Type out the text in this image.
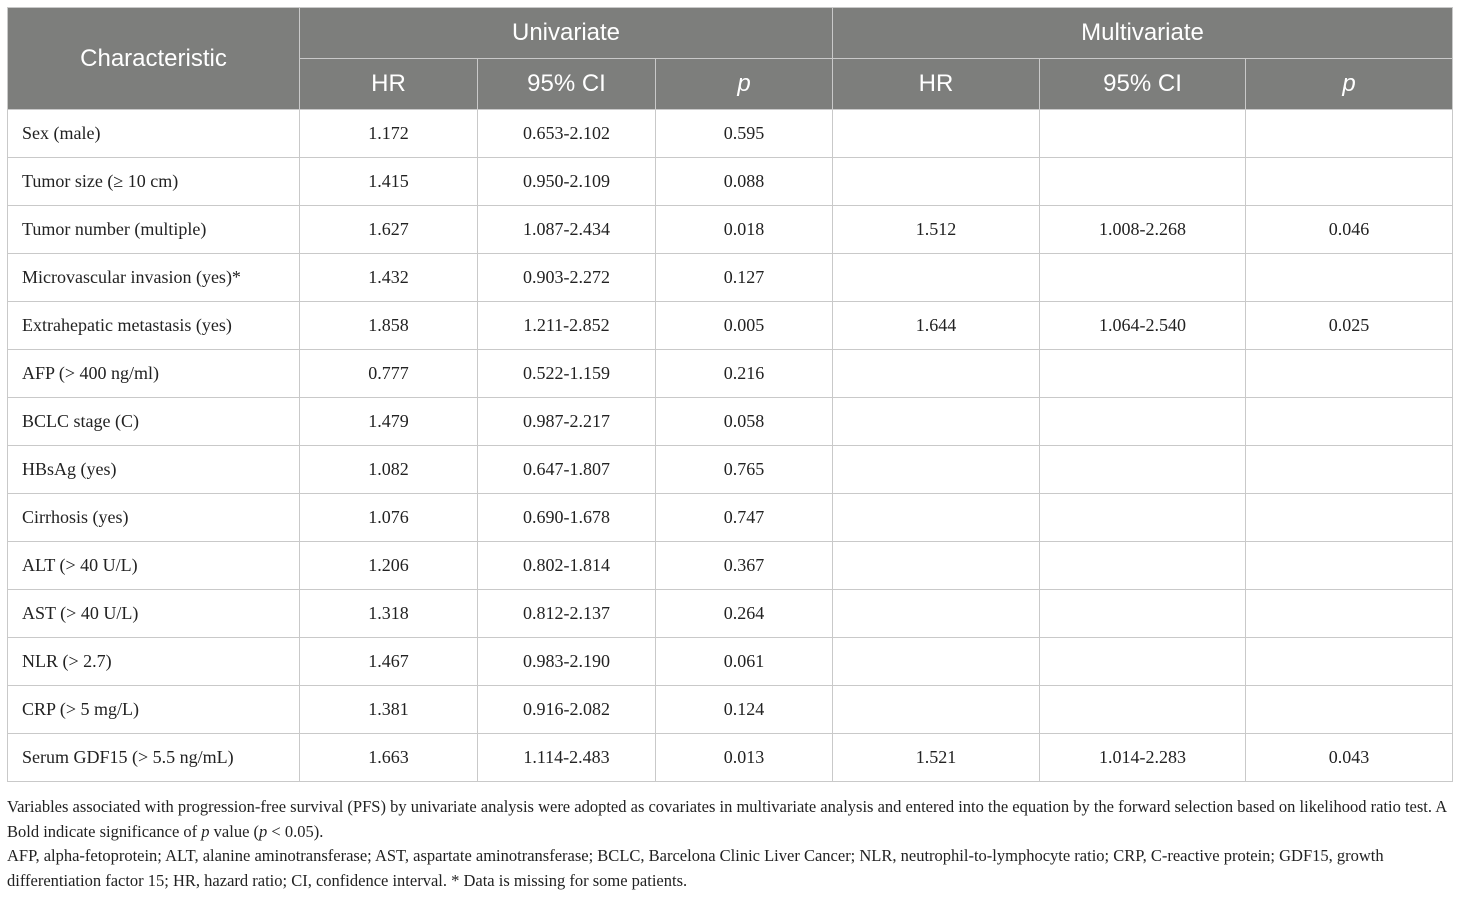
Characteristic	Univariate			Multivariate		
	HR	95% CI	p	HR	95% CI	p
Sex (male)	1.172	0.653-2.102	0.595			
Tumor size (≥ 10 cm)	1.415	0.950-2.109	0.088			
Tumor number (multiple)	1.627	1.087-2.434	0.018	1.512	1.008-2.268	0.046
Microvascular invasion (yes)*	1.432	0.903-2.272	0.127			
Extrahepatic metastasis (yes)	1.858	1.211-2.852	0.005	1.644	1.064-2.540	0.025
AFP (> 400 ng/ml)	0.777	0.522-1.159	0.216			
BCLC stage (C)	1.479	0.987-2.217	0.058			
HBsAg (yes)	1.082	0.647-1.807	0.765			
Cirrhosis (yes)	1.076	0.690-1.678	0.747			
ALT (> 40 U/L)	1.206	0.802-1.814	0.367			
AST (> 40 U/L)	1.318	0.812-2.137	0.264			
NLR (> 2.7)	1.467	0.983-2.190	0.061			
CRP (> 5 mg/L)	1.381	0.916-2.082	0.124			
Serum GDF15 (> 5.5 ng/mL)	1.663	1.114-2.483	0.013	1.521	1.014-2.283	0.043

Variables associated with progression-free survival (PFS) by univariate analysis were adopted as covariates in multivariate analysis and entered into the equation by the forward selection based on likelihood ratio test. A Bold indicate significance of p value (p < 0.05).

AFP, alpha-fetoprotein; ALT, alanine aminotransferase; AST, aspartate aminotransferase; BCLC, Barcelona Clinic Liver Cancer; NLR, neutrophil-to-lymphocyte ratio; CRP, C-reactive protein; GDF15, growth differentiation factor 15; HR, hazard ratio; CI, confidence interval. * Data is missing for some patients.
